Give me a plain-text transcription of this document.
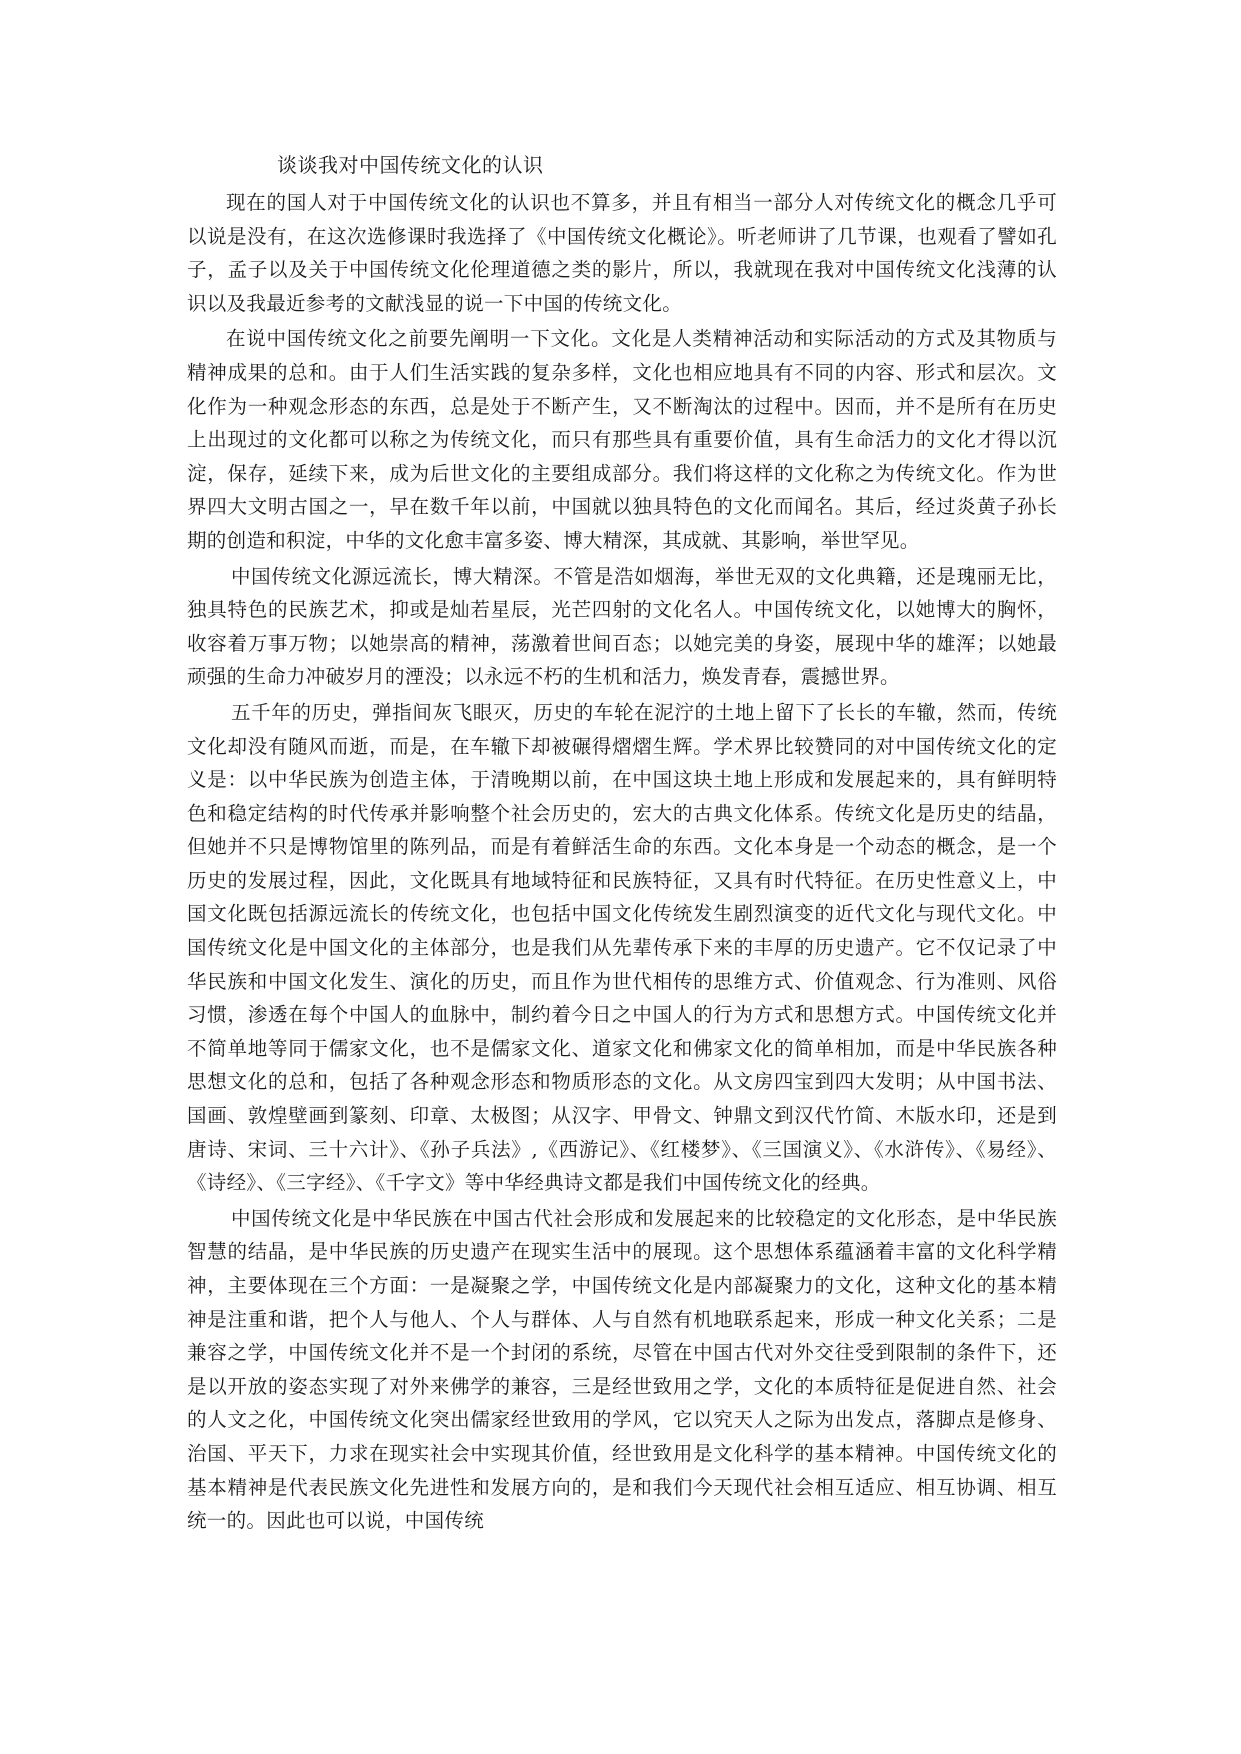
谈谈我对中国传统文化的认识

现在的国人对于中国传统文化的认识也不算多，并且有相当一部分人对传统文化的概念几乎可以说是没有，在这次选修课时我选择了《中国传统文化概论》。听老师讲了几节课，也观看了譬如孔子，孟子以及关于中国传统文化伦理道德之类的影片，所以，我就现在我对中国传统文化浅薄的认识以及我最近参考的文献浅显的说一下中国的传统文化。

在说中国传统文化之前要先阐明一下文化。文化是人类精神活动和实际活动的方式及其物质与精神成果的总和。由于人们生活实践的复杂多样，文化也相应地具有不同的内容、形式和层次。文化作为一种观念形态的东西，总是处于不断产生，又不断淘汰的过程中。因而，并不是所有在历史上出现过的文化都可以称之为传统文化，而只有那些具有重要价值，具有生命活力的文化才得以沉淀，保存，延续下来，成为后世文化的主要组成部分。我们将这样的文化称之为传统文化。作为世界四大文明古国之一，早在数千年以前，中国就以独具特色的文化而闻名。其后，经过炎黄子孙长期的创造和积淀，中华的文化愈丰富多姿、博大精深，其成就、其影响，举世罕见。

中国传统文化源远流长，博大精深。不管是浩如烟海，举世无双的文化典籍，还是瑰丽无比，独具特色的民族艺术，抑或是灿若星辰，光芒四射的文化名人。中国传统文化，以她博大的胸怀，收容着万事万物；以她崇高的精神，荡激着世间百态；以她完美的身姿，展现中华的雄浑；以她最顽强的生命力冲破岁月的湮没；以永远不朽的生机和活力，焕发青春，震撼世界。

五千年的历史，弹指间灰飞眼灭，历史的车轮在泥泞的土地上留下了长长的车辙，然而，传统文化却没有随风而逝，而是，在车辙下却被碾得熠熠生辉。学术界比较赞同的对中国传统文化的定义是：以中华民族为创造主体，于清晚期以前，在中国这块土地上形成和发展起来的，具有鲜明特色和稳定结构的时代传承并影响整个社会历史的，宏大的古典文化体系。传统文化是历史的结晶，但她并不只是博物馆里的陈列品，而是有着鲜活生命的东西。文化本身是一个动态的概念，是一个历史的发展过程，因此，文化既具有地域特征和民族特征，又具有时代特征。在历史性意义上，中国文化既包括源远流长的传统文化，也包括中国文化传统发生剧烈演变的近代文化与现代文化。中国传统文化是中国文化的主体部分，也是我们从先辈传承下来的丰厚的历史遗产。它不仅记录了中华民族和中国文化发生、演化的历史，而且作为世代相传的思维方式、价值观念、行为准则、风俗习惯，渗透在每个中国人的血脉中，制约着今日之中国人的行为方式和思想方式。中国传统文化并不简单地等同于儒家文化，也不是儒家文化、道家文化和佛家文化的简单相加，而是中华民族各种思想文化的总和，包括了各种观念形态和物质形态的文化。从文房四宝到四大发明；从中国书法、国画、敦煌壁画到篆刻、印章、太极图；从汉字、甲骨文、钟鼎文到汉代竹简、木版水印，还是到唐诗、宋词、三十六计》、《孙子兵法》,《西游记》、《红楼梦》、《三国演义》、《水浒传》、《易经》、《诗经》、《三字经》、《千字文》等中华经典诗文都是我们中国传统文化的经典。

中国传统文化是中华民族在中国古代社会形成和发展起来的比较稳定的文化形态，是中华民族智慧的结晶，是中华民族的历史遗产在现实生活中的展现。这个思想体系蕴涵着丰富的文化科学精神，主要体现在三个方面：一是凝聚之学，中国传统文化是内部凝聚力的文化，这种文化的基本精神是注重和谐，把个人与他人、个人与群体、人与自然有机地联系起来，形成一种文化关系；二是兼容之学，中国传统文化并不是一个封闭的系统，尽管在中国古代对外交往受到限制的条件下，还是以开放的姿态实现了对外来佛学的兼容，三是经世致用之学，文化的本质特征是促进自然、社会的人文之化，中国传统文化突出儒家经世致用的学风，它以究天人之际为出发点，落脚点是修身、治国、平天下，力求在现实社会中实现其价值，经世致用是文化科学的基本精神。中国传统文化的基本精神是代表民族文化先进性和发展方向的，是和我们今天现代社会相互适应、相互协调、相互统一的。因此也可以说，中国传统
